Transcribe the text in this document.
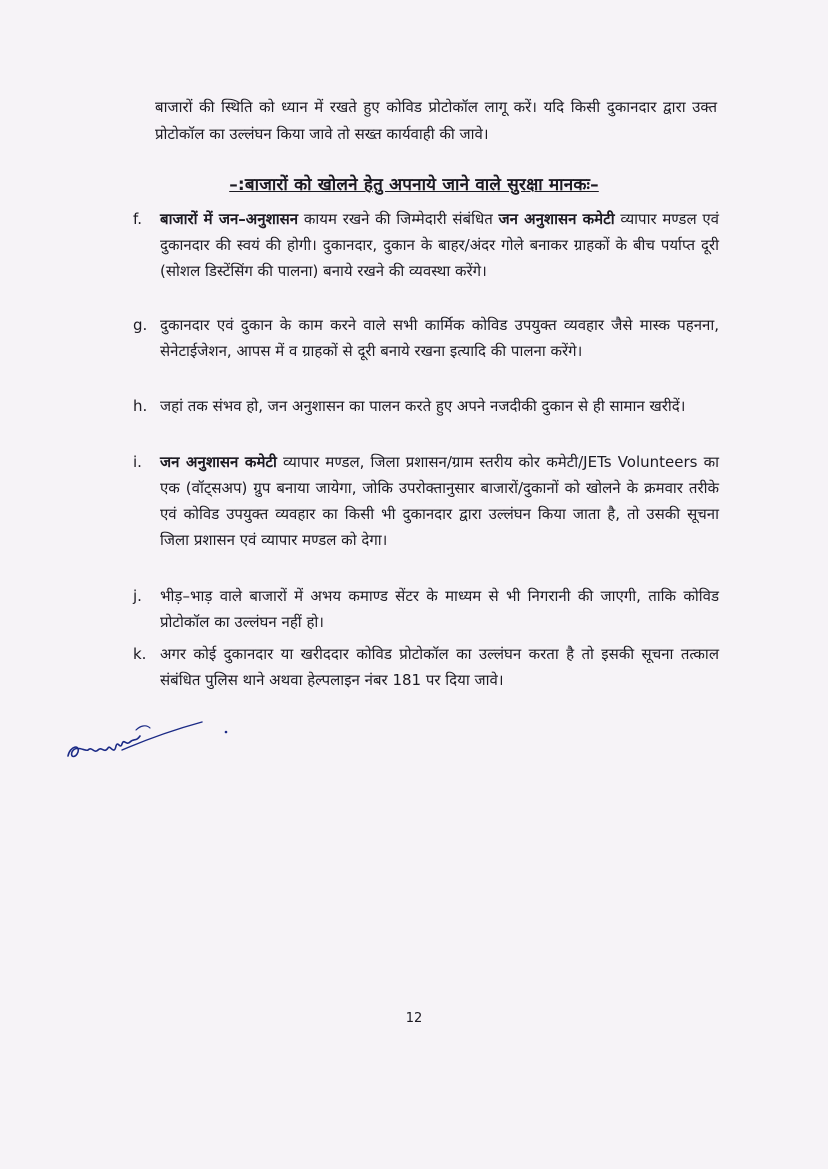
बाजारों की स्थिति को ध्यान में रखते हुए कोविड प्रोटोकॉल लागू करें। यदि किसी दुकानदार द्वारा उक्त प्रोटोकॉल का उल्लंघन किया जावे तो सख्त कार्यवाही की जावे।
–:बाजारों को खोलने हेतु अपनाये जाने वाले सुरक्षा मानकः–
f.	बाजारों में जन–अनुशासन कायम रखने की जिम्मेदारी संबंधित जन अनुशासन कमेटी व्यापार मण्डल एवं दुकानदार की स्वयं की होगी। दुकानदार, दुकान के बाहर/अंदर गोले बनाकर ग्राहकों के बीच पर्याप्त दूरी (सोशल डिस्टेंसिंग की पालना) बनाये रखने की व्यवस्था करेंगे।
g. दुकानदार एवं दुकान के काम करने वाले सभी कार्मिक कोविड उपयुक्त व्यवहार जैसे मास्क पहनना, सेनेटाईजेशन, आपस में व ग्राहकों से दूरी बनाये रखना इत्यादि की पालना करेंगे।
h. जहां तक संभव हो, जन अनुशासन का पालन करते हुए अपने नजदीकी दुकान से ही सामान खरीदें।
i.	जन अनुशासन कमेटी व्यापार मण्डल, जिला प्रशासन/ग्राम स्तरीय कोर कमेटी/JETs Volunteers का एक (वॉट्सअप) ग्रुप बनाया जायेगा, जोकि उपरोक्तानुसार बाजारों/दुकानों को खोलने के क्रमवार तरीके एवं कोविड उपयुक्त व्यवहार का किसी भी दुकानदार द्वारा उल्लंघन किया जाता है, तो उसकी सूचना जिला प्रशासन एवं व्यापार मण्डल को देगा।
j.	भीड़–भाड़ वाले बाजारों में अभय कमाण्ड सेंटर के माध्यम से भी निगरानी की जाएगी, ताकि कोविड प्रोटोकॉल का उल्लंघन नहीं हो।
k. अगर कोई दुकानदार या खरीददार कोविड प्रोटोकॉल का उल्लंघन करता है तो इसकी सूचना तत्काल संबंधित पुलिस थाने अथवा हेल्पलाइन नंबर 181 पर दिया जावे।
12
